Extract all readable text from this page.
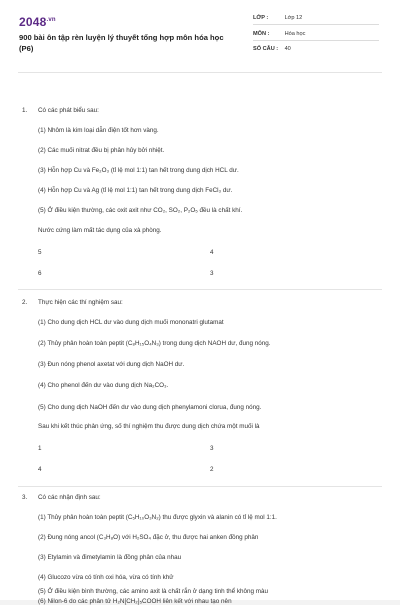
$2048^{.vn}$
900 bài ôn tập rèn luyện lý thuyết tổng hợp môn hóa học (P6)
LỚP :	Lớp 12
MÔN :	Hóa học
SỐ CÂU : 40
1. Có các phát biểu sau:
(1) Nhôm là kim loại dẫn điện tốt hơn vàng.
(2) Các muối nitrat đều bị phân hủy bởi nhiệt.
(3) Hỗn hợp Cu và Fe₂O₃ (tỉ lệ mol 1:1) tan hết trong dung dịch HCL dư.
(4) Hỗn hợp Cu và Ag (tỉ lệ mol 1:1) tan hết trong dung dịch FeCl₃ dư.
(5) Ở điều kiện thường, các oxit axit như CO₂, SO₂, P₂O₅ đều là chất khí.
Nước cứng làm mất tác dụng của xà phòng.
5	4
6	3
2. Thực hiện các thí nghiệm sau:
(1) Cho dung dịch HCL dư vào dung dịch muối mononatri glutamat
(2) Thủy phân hoàn toàn peptit (C₈H₁₅O₄N₃) trong dung dịch NAOH dư, đung nóng.
(3) Đun nóng phenol axetat với dung dịch NaOH dư.
(4) Cho phenol đến dư vào dung dịch Na₂CO₃.
(5) Cho dung dịch NaOH đến dư vào dung dịch phenylamoni clorua, đung nóng.
Sau khi kết thúc phản ứng, số thí nghiệm thu được dung dịch chứa một muối là
1	3
4	2
3. Có các nhận định sau:
(1) Thủy phân hoàn toàn peptit (C₅H₁₀O₃N₂) thu được glyxin và alanin có tỉ lệ mol 1:1.
(2) Đung nóng ancol (C₃H₈O) với H₂SO₄ đặc ở, thu được hai anken đồng phân
(3) Etylamin và đimetylamin là đồng phân của nhau
(4) Glucozo vừa có tính oxi hóa, vừa có tính khử
(5) Ở điều kiện bình thường, các amino axit là chất rắn ở dạng tinh thể không màu
(6) Nilon-6 do các phân tử H₂N[CH₂]₅COOH liên kết với nhau tạo nên
